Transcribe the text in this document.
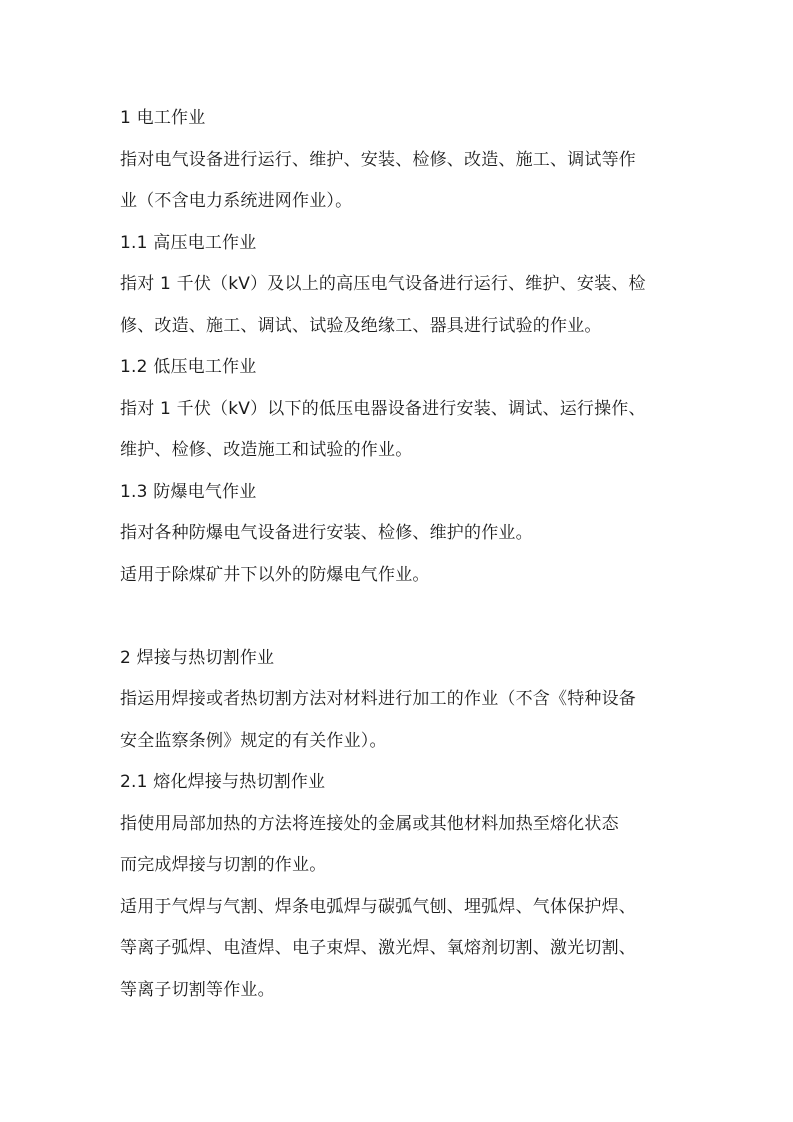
1 电工作业

指对电气设备进行运行、维护、安装、检修、改造、施工、调试等作

业（不含电力系统进网作业）。

1.1 高压电工作业

指对 1 千伏（kV）及以上的高压电气设备进行运行、维护、安装、检

修、改造、施工、调试、试验及绝缘工、器具进行试验的作业。

1.2 低压电工作业

指对 1 千伏（kV）以下的低压电器设备进行安装、调试、运行操作、

维护、检修、改造施工和试验的作业。

1.3 防爆电气作业

指对各种防爆电气设备进行安装、检修、维护的作业。

适用于除煤矿井下以外的防爆电气作业。

2 焊接与热切割作业

指运用焊接或者热切割方法对材料进行加工的作业（不含《特种设备

安全监察条例》规定的有关作业）。

2.1 熔化焊接与热切割作业

指使用局部加热的方法将连接处的金属或其他材料加热至熔化状态

而完成焊接与切割的作业。

适用于气焊与气割、焊条电弧焊与碳弧气刨、埋弧焊、气体保护焊、

等离子弧焊、电渣焊、电子束焊、激光焊、氧熔剂切割、激光切割、

等离子切割等作业。
